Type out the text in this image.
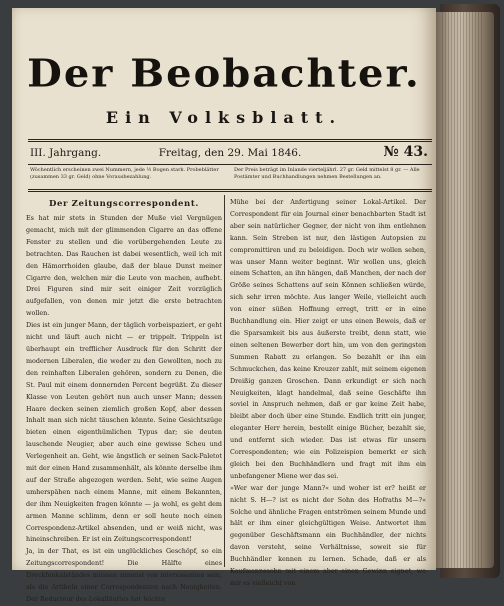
Der Beobachter.
Ein Volksblatt.
III. Jahrgang.	Freitag, den 29. Mai 1846.	№ 43.
Wöchentlich erscheinen zwei Nummern, jede ½ Bogen stark. Probeblätter (zusammen 33 gr. Geld) ohne Vorausbezahlung.
Der Preis beträgt im Inlande vierteljährl. 27 gr. Geld mittelst 8 gr. — Alle Postämter und Buchhandlungen nehmen Bestellungen an.
Der Zeitungscorrespondent.

Es hat mir stets in Stunden der Muße viel Vergnügen gemacht, mich mit der glimmenden Cigarre an das offene Fenster zu stellen und die vorübergehenden Leute zu betrachten. Das Rauchen ist dabei wesentlich, weil ich mit den Hämorrhoiden glaube, daß der blaue Dunst meiner Cigarre den, welchen mir die Leute von machen, aufhebt. Drei Figuren sind mir seit einiger Zeit vorzüglich aufgefallen, von denen mir jetzt die erste betrachten wollen.

Dies ist ein junger Mann, der täglich vorbeispaziert, er geht nicht und läuft auch nicht — er trippelt. Trippeln ist überhaupt ein trefflicher Ausdruck für den Schritt der modernen Liberalen, die weder zu den Gewollten, noch zu den reinhaften Liberalen gehören, sondern zu Denen, die St. Paul mit einem donnernden Percent begrüßt. Zu dieser Klasse von Leuten gehört nun auch unser Mann; dessen Haare decken seinen ziemlich großen Kopf, aber dessen Inhalt man sich nicht täuschen könnte. Seine Gesichtszüge bieten einen eigenthümlichen Typus dar; sie deuten lauschende Neugier, aber auch eine gewisse Scheu und Verlegenheit an. Geht, wie ängstlich er seinen Sack-Paletot mit der einen Hand zusammenhält, als könnte derselbe ihm auf der Straße abgezogen werden. Seht, wie seine Augen umherspähen nach einem Manne, mit einem Bekannten, der ihm Neuigkeiten fragen könnte — ja wohl, es geht dem armen Manne schlimm, denn er soll heute noch einen Correspondenz-Artikel absenden, und er weiß nicht, was hineinschreiben. Er ist ein Zeitungscorrespondent!

Ja, in der That, es ist ein unglückliches Geschöpf, so ein Zeitungscorrespondent! Die Hälfte eines Dreckfenkalständes müssen zumeist von interessanten sein, als die Artikeln einer Correspondenzen nach Neuigkeiten. Der Redacteur des Lokalblattes hat leichte

Mühe bei der Anfertigung seiner Lokal-Artikel. Der Correspondent für ein Journal einer benachbarten Stadt ist aber sein natürlicher Gegner, der nicht von ihm entlehnen kann. Sein Streben ist nur, den lästigen Autopsien zu compromittiren und zu beleidigen. Doch wir wollen sehen, was unser Mann weiter beginnt. Wir wollen uns, gleich einem Schatten, an ihn hängen, daß Manchen, der nach der Größe seines Schattens auf sein Können schließen würde, sich sehr irren möchte. Aus langer Weile, vielleicht auch von einer süßen Hoffnung erregt, tritt er in eine Buchhandlung ein. Hier zeigt er uns einen Beweis, daß er die Sparsamkeit bis aus äußerste treibt, denn statt, wie einen seltenen Bewerber dort hin, um von den geringsten Summen Rabatt zu erlangen. So bezahlt er ihn ein Schmuckchen, das keine Kreuzer zahlt, mit seinem eigenen Dreißig ganzen Groschen. Dann erkundigt er sich nach Neuigkeiten, klagt handelmal, daß seine Geschäfte ihn soviel in Anspruch nehmen, daß er gar keine Zeit habe, bleibt aber doch über eine Stunde. Endlich tritt ein junger, eleganter Herr herein, bestellt einige Bücher, bezahlt sie, und entfernt sich wieder. Das ist etwas für unsern Correspondenten; wie ein Polizeispion bemerkt er sich gleich bei den Buchhändlern und fragt mit ihm ein unbefangener Miene wer das sei.

»Wer war der junge Mann?« und woher ist er? heißt er nicht S. H—? ist es nicht der Sohn des Hofraths M—?« Solche und ähnliche Fragen entströmen seinem Munde und hält er ihm einer gleichgültigen Weise. Antwortet ihm gegenüber Geschäftsmann ein Buchhändler, der nichts davon versteht, seine Verhältnisse, soweit sie für Buchhändler kennen zu lernen. Schade, daß er als Kaufmannssohn mit einem aber einen Gewinn eignet, wo mir es vielleicht von
